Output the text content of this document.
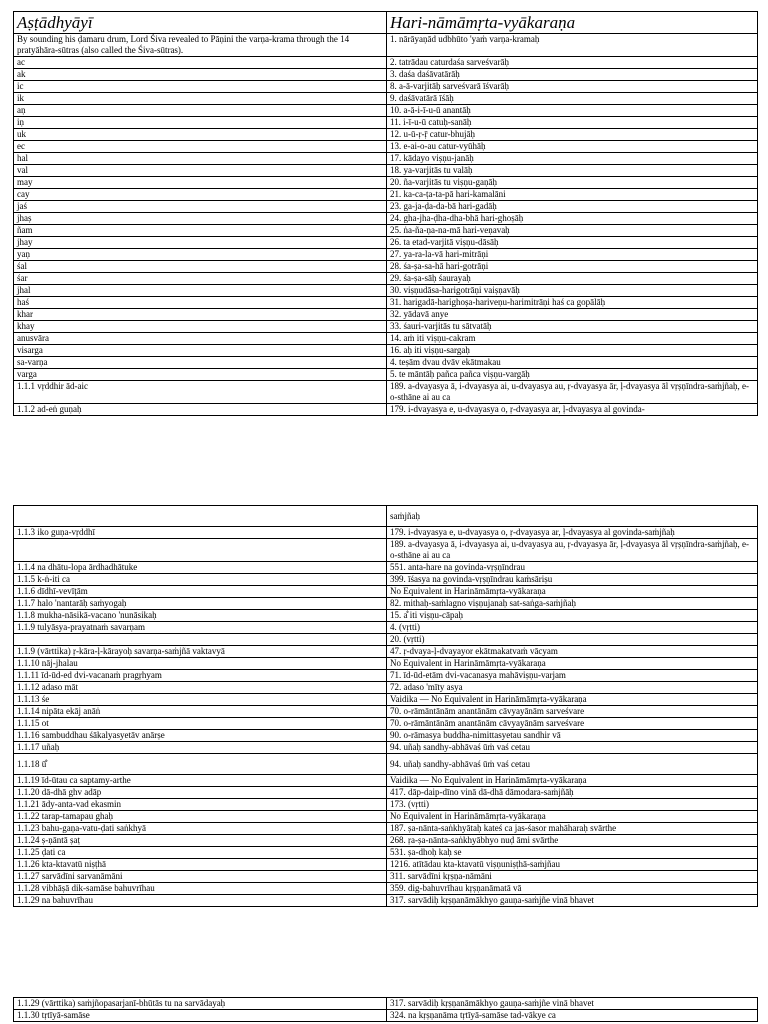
Aṣṭādhyāyī	Hari-nāmāmṛta-vyākaraṇa
By sounding his ḍamaru drum, Lord Śiva revealed to Pāṇini the varṇa-krama through the 14 pratyāhāra-sūtras (also called the Śiva-sūtras).	1. nārāyaṇād udbhūto 'yaṁ varṇa-kramaḥ
ac	2. tatrādau caturdaśa sarveśvarāḥ
ak	3. daśa daśāvatārāḥ
ic	8. a-ā-varjitāḥ sarveśvarā īśvarāḥ
ik	9. daśāvatārā īśāḥ
aṇ	10. a-ā-i-ī-u-ū anantāḥ
iṇ	11. i-ī-u-ū catuḥ-sanāḥ
uk	12. u-ū-ṛ-ṝ catur-bhujāḥ
ec	13. e-ai-o-au catur-vyūhāḥ
hal	17. kādayo viṣṇu-janāḥ
val	18. ya-varjitās tu valāḥ
may	20. ña-varjitās tu viṣṇu-gaṇāḥ
cay	21. ka-ca-ṭa-ta-pā hari-kamalāni
jaś	23. ga-ja-ḍa-da-bā hari-gadāḥ
jhaṣ	24. gha-jha-ḍha-dha-bhā hari-ghoṣāḥ
ñam	25. ṅa-ña-ṇa-na-mā hari-veṇavaḥ
jhay	26. ta etad-varjitā viṣṇu-dāsāḥ
yaṇ	27. ya-ra-la-vā hari-mitrāṇi
śal	28. śa-ṣa-sa-hā hari-gotrāṇi
śar	29. śa-ṣa-sāḥ śaurayaḥ
jhal	30. viṣṇudāsa-harigotrāṇi vaiṣṇavāḥ
haś	31. harigadā-harighoṣa-hariveṇu-harimitrāṇi haś ca gopālāḥ
khar	32. yādavā anye
khay	33. śauri-varjitās tu sātvatāḥ
anusvāra	14. aṁ iti viṣṇu-cakram
visarga	16. aḥ iti viṣṇu-sargaḥ
sa-varṇa	4. teṣām dvau dvāv ekātmakau
varga	5. te māntāḥ pañca pañca viṣṇu-vargāḥ
1.1.1 vṛddhir ād-aic	189. a-dvayasya ā, i-dvayasya ai, u-dvayasya au, ṛ-dvayasya ār, ḷ-dvayasya āl vṛṣṇīndra-saṁjñaḥ, e-o-sthāne ai au ca
1.1.2 ad-eṅ guṇaḥ	179. i-dvayasya e, u-dvayasya o, ṛ-dvayasya ar, ḷ-dvayasya al govinda-
	saṁjñaḥ
1.1.3 iko guṇa-vṛddhī	179. i-dvayasya e, u-dvayasya o, ṛ-dvayasya ar, ḷ-dvayasya al govinda-saṁjñaḥ
	189. a-dvayasya ā, i-dvayasya ai, u-dvayasya au, ṛ-dvayasya ār, ḷ-dvayasya āl vṛṣṇīndra-saṁjñaḥ, e-o-sthāne ai au ca
1.1.4 na dhātu-lopa ārdhadhātuke	551. anta-hare na govinda-vṛṣṇīndrau
1.1.5 k-ṅ-iti ca	399. īśasya na govinda-vṛṣṇīndrau kaṁsāriṣu
1.1.6 dīdhī-vevīṭām	No Equivalent in Harināmāmṛta-vyākaraṇa
1.1.7 halo 'nantarāḥ saṁyogaḥ	82. mithaḥ-saṁlagno viṣṇujanaḥ sat-saṅga-saṁjñaḥ
1.1.8 mukha-nāsikā-vacano 'nunāsikaḥ	15. a̐ iti viṣṇu-cāpaḥ
1.1.9 tulyāsya-prayatnaṁ savarṇam	4. (vṛtti)
	20. (vṛtti)
1.1.9 (vārttika) ṛ-kāra-ḷ-kārayoḥ savarṇa-saṁjñā vaktavyā	47. ṛ-dvaya-ḷ-dvayayor ekātmakatvaṁ vācyam
1.1.10 nāj-jhalau	No Equivalent in Harināmāmṛta-vyākaraṇa
1.1.11 īd-ūd-ed dvi-vacanaṁ pragṛhyam	71. īd-ūd-etām dvi-vacanasya mahāviṣṇu-varjam
1.1.12 adaso māt	72. adaso 'mīty asya
1.1.13 śe	Vaidika — No Equivalent in Harināmāmṛta-vyākaraṇa
1.1.14 nipāta ekāj anāṅ	70. o-rāmāntānām anantānām cāvyayānām sarveśvare
1.1.15 ot	70. o-rāmāntānām anantānām cāvyayānām sarveśvare
1.1.16 sambuddhau śākalyasyetāv anārṣe	90. o-rāmasya buddha-nimittasyetau sandhir vā
1.1.17 uñaḥ	94. uñaḥ sandhy-abhāvaś ūṁ vaś cetau
1.1.18 ū̐	94. uñaḥ sandhy-abhāvaś ūṁ vaś cetau
1.1.19 īd-ūtau ca saptamy-arthe	Vaidika — No Equivalent in Harināmāmṛta-vyākaraṇa
1.1.20 dā-dhā ghv adāp	417. dāp-daip-dīno vinā dā-dhā dāmodara-saṁjñāḥ
1.1.21 ādy-anta-vad ekasmin	173. (vṛtti)
1.1.22 tarap-tamapau ghaḥ	No Equivalent in Harināmāmṛta-vyākaraṇa
1.1.23 bahu-gaṇa-vatu-ḍati saṅkhyā	187. ṣa-nānta-saṅkhyātaḥ kateś ca jas-śasor mahāharaḥ svārthe
1.1.24 ṣ-ṇāntā ṣaṭ	268. ṛa-ṣa-nānta-saṅkhyābhyo nuḍ āmi svārthe
1.1.25 ḍati ca	531. ṣa-dhoḥ kaḥ se
1.1.26 kta-ktavatū niṣṭhā	1216. atītādau kta-ktavatū viṣṇuniṣṭhā-saṁjñau
1.1.27 sarvādīni sarvanāmāni	311. sarvādīni kṛṣṇa-nāmāni
1.1.28 vibhāṣā dik-samāse bahuvrīhau	359. dig-bahuvrīhau kṛṣṇanāmatā vā
1.1.29 na bahuvrīhau	317. sarvādiḥ kṛṣṇanāmākhyo gauṇa-saṁjñe vinā bhavet
1.1.29 (vārttika) saṁjñopasarjanī-bhūtās tu na sarvādayaḥ	317. sarvādiḥ kṛṣṇanāmākhyo gauṇa-saṁjñe vinā bhavet
1.1.30 tṛtīyā-samāse	324. na kṛṣṇanāma tṛtīyā-samāse tad-vākye ca
